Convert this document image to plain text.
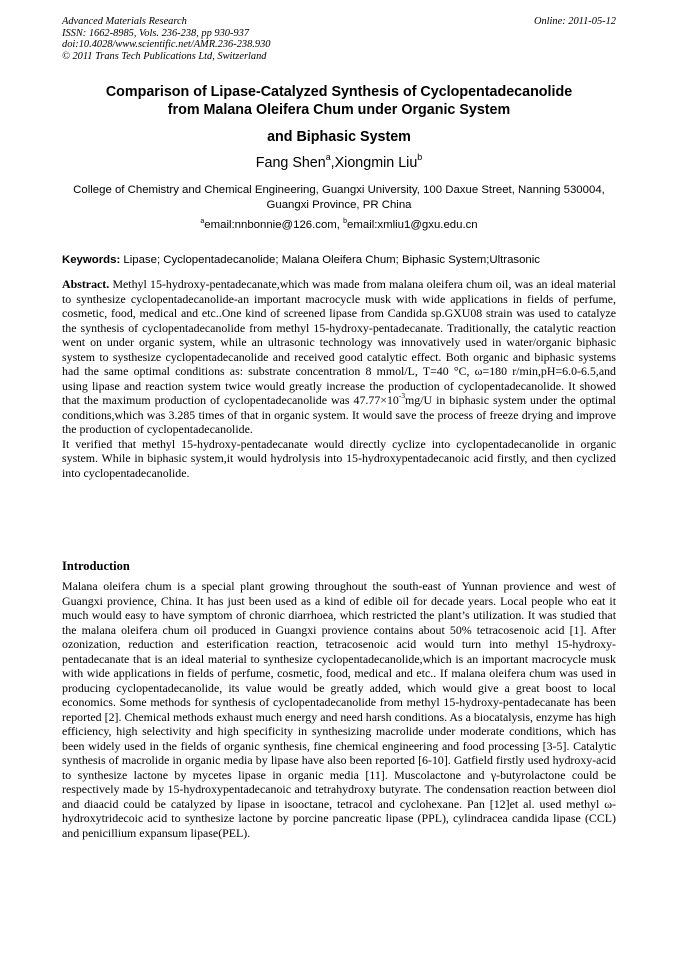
Advanced Materials Research
ISSN: 1662-8985, Vols. 236-238, pp 930-937
doi:10.4028/www.scientific.net/AMR.236-238.930
© 2011 Trans Tech Publications Ltd, Switzerland
Online: 2011-05-12
Comparison of Lipase-Catalyzed Synthesis of Cyclopentadecanolide
from Malana Oleifera Chum under Organic System
and Biphasic System
Fang Shen$^a$,Xiongmin Liu$^b$
College of Chemistry and Chemical Engineering, Guangxi University, 100 Daxue Street, Nanning 530004, Guangxi Province, PR China
$^a$email:nnbonnie@126.com, $^b$email:xmliu1@gxu.edu.cn
Keywords: Lipase; Cyclopentadecanolide; Malana Oleifera Chum; Biphasic System;Ultrasonic

Abstract. Methyl 15-hydroxy-pentadecanate,which was made from malana oleifera chum oil, was an ideal material to synthesize cyclopentadecanolide-an important macrocycle musk with wide applications in fields of perfume, cosmetic, food, medical and etc..One kind of screened lipase from Candida sp.GXU08 strain was used to catalyze the synthesis of cyclopentadecanolide from methyl 15-hydroxy-pentadecanate. Traditionally, the catalytic reaction went on under organic system, while an ultrasonic technology was innovatively used in water/organic biphasic system to systhesize cyclopentadecanolide and received good catalytic effect. Both organic and biphasic systems had the same optimal conditions as: substrate concentration 8 mmol/L, T=40 °C, ω=180 r/min,pH=6.0-6.5,and using lipase and reaction system twice would greatly increase the production of cyclopentadecanolide. It showed that the maximum production of cyclopentadecanolide was $47.77\times 10^{-3}mg/U$ in biphasic system under the optimal conditions,which was 3.285 times of that in organic system. It would save the process of freeze drying and improve the production of cyclopentadecanolide.

It verified that methyl 15-hydroxy-pentadecanate would directly cyclize into cyclopentadecanolide in organic system. While in biphasic system,it would hydrolysis into 15-hydroxypentadecanoic acid firstly, and then cyclized into cyclopentadecanolide.

Introduction

Malana oleifera chum is a special plant growing throughout the south-east of Yunnan provience and west of Guangxi provience, China. It has just been used as a kind of edible oil for decade years. Local people who eat it much would easy to have symptom of chronic diarrhoea, which restricted the plant’s utilization. It was studied that the malana oleifera chum oil produced in Guangxi provience contains about 50% tetracosenoic acid [1]. After ozonization, reduction and esterification reaction, tetracosenoic acid would turn into methyl 15-hydroxy-pentadecanate that is an ideal material to synthesize cyclopentadecanolide,which is an important macrocycle musk with wide applications in fields of perfume, cosmetic, food, medical and etc.. If malana oleifera chum was used in producing cyclopentadecanolide, its value would be greatly added, which would give a great boost to local economics. Some methods for synthesis of cyclopentadecanolide from methyl 15-hydroxy-pentadecanate has been reported [2]. Chemical methods exhaust much energy and need harsh conditions. As a biocatalysis, enzyme has high efficiency, high selectivity and high specificity in synthesizing macrolide under moderate conditions, which has been widely used in the fields of organic synthesis, fine chemical engineering and food processing [3-5]. Catalytic synthesis of macrolide in organic media by lipase have also been reported [6-10]. Gatfield firstly used hydroxy-acid to synthesize lactone by mycetes lipase in organic media [11]. Muscolactone and γ-butyrolactone could be respectively made by 15-hydroxypentadecanoic and tetrahydroxy butyrate. The condensation reaction between diol and diaacid could be catalyzed by lipase in isooctane, tetracol and cyclohexane. Pan [12]et al. used methyl ω-hydroxytridecoic acid to synthesize lactone by porcine pancreatic lipase (PPL), cylindracea candida lipase (CCL) and penicillium expansum lipase(PEL).
